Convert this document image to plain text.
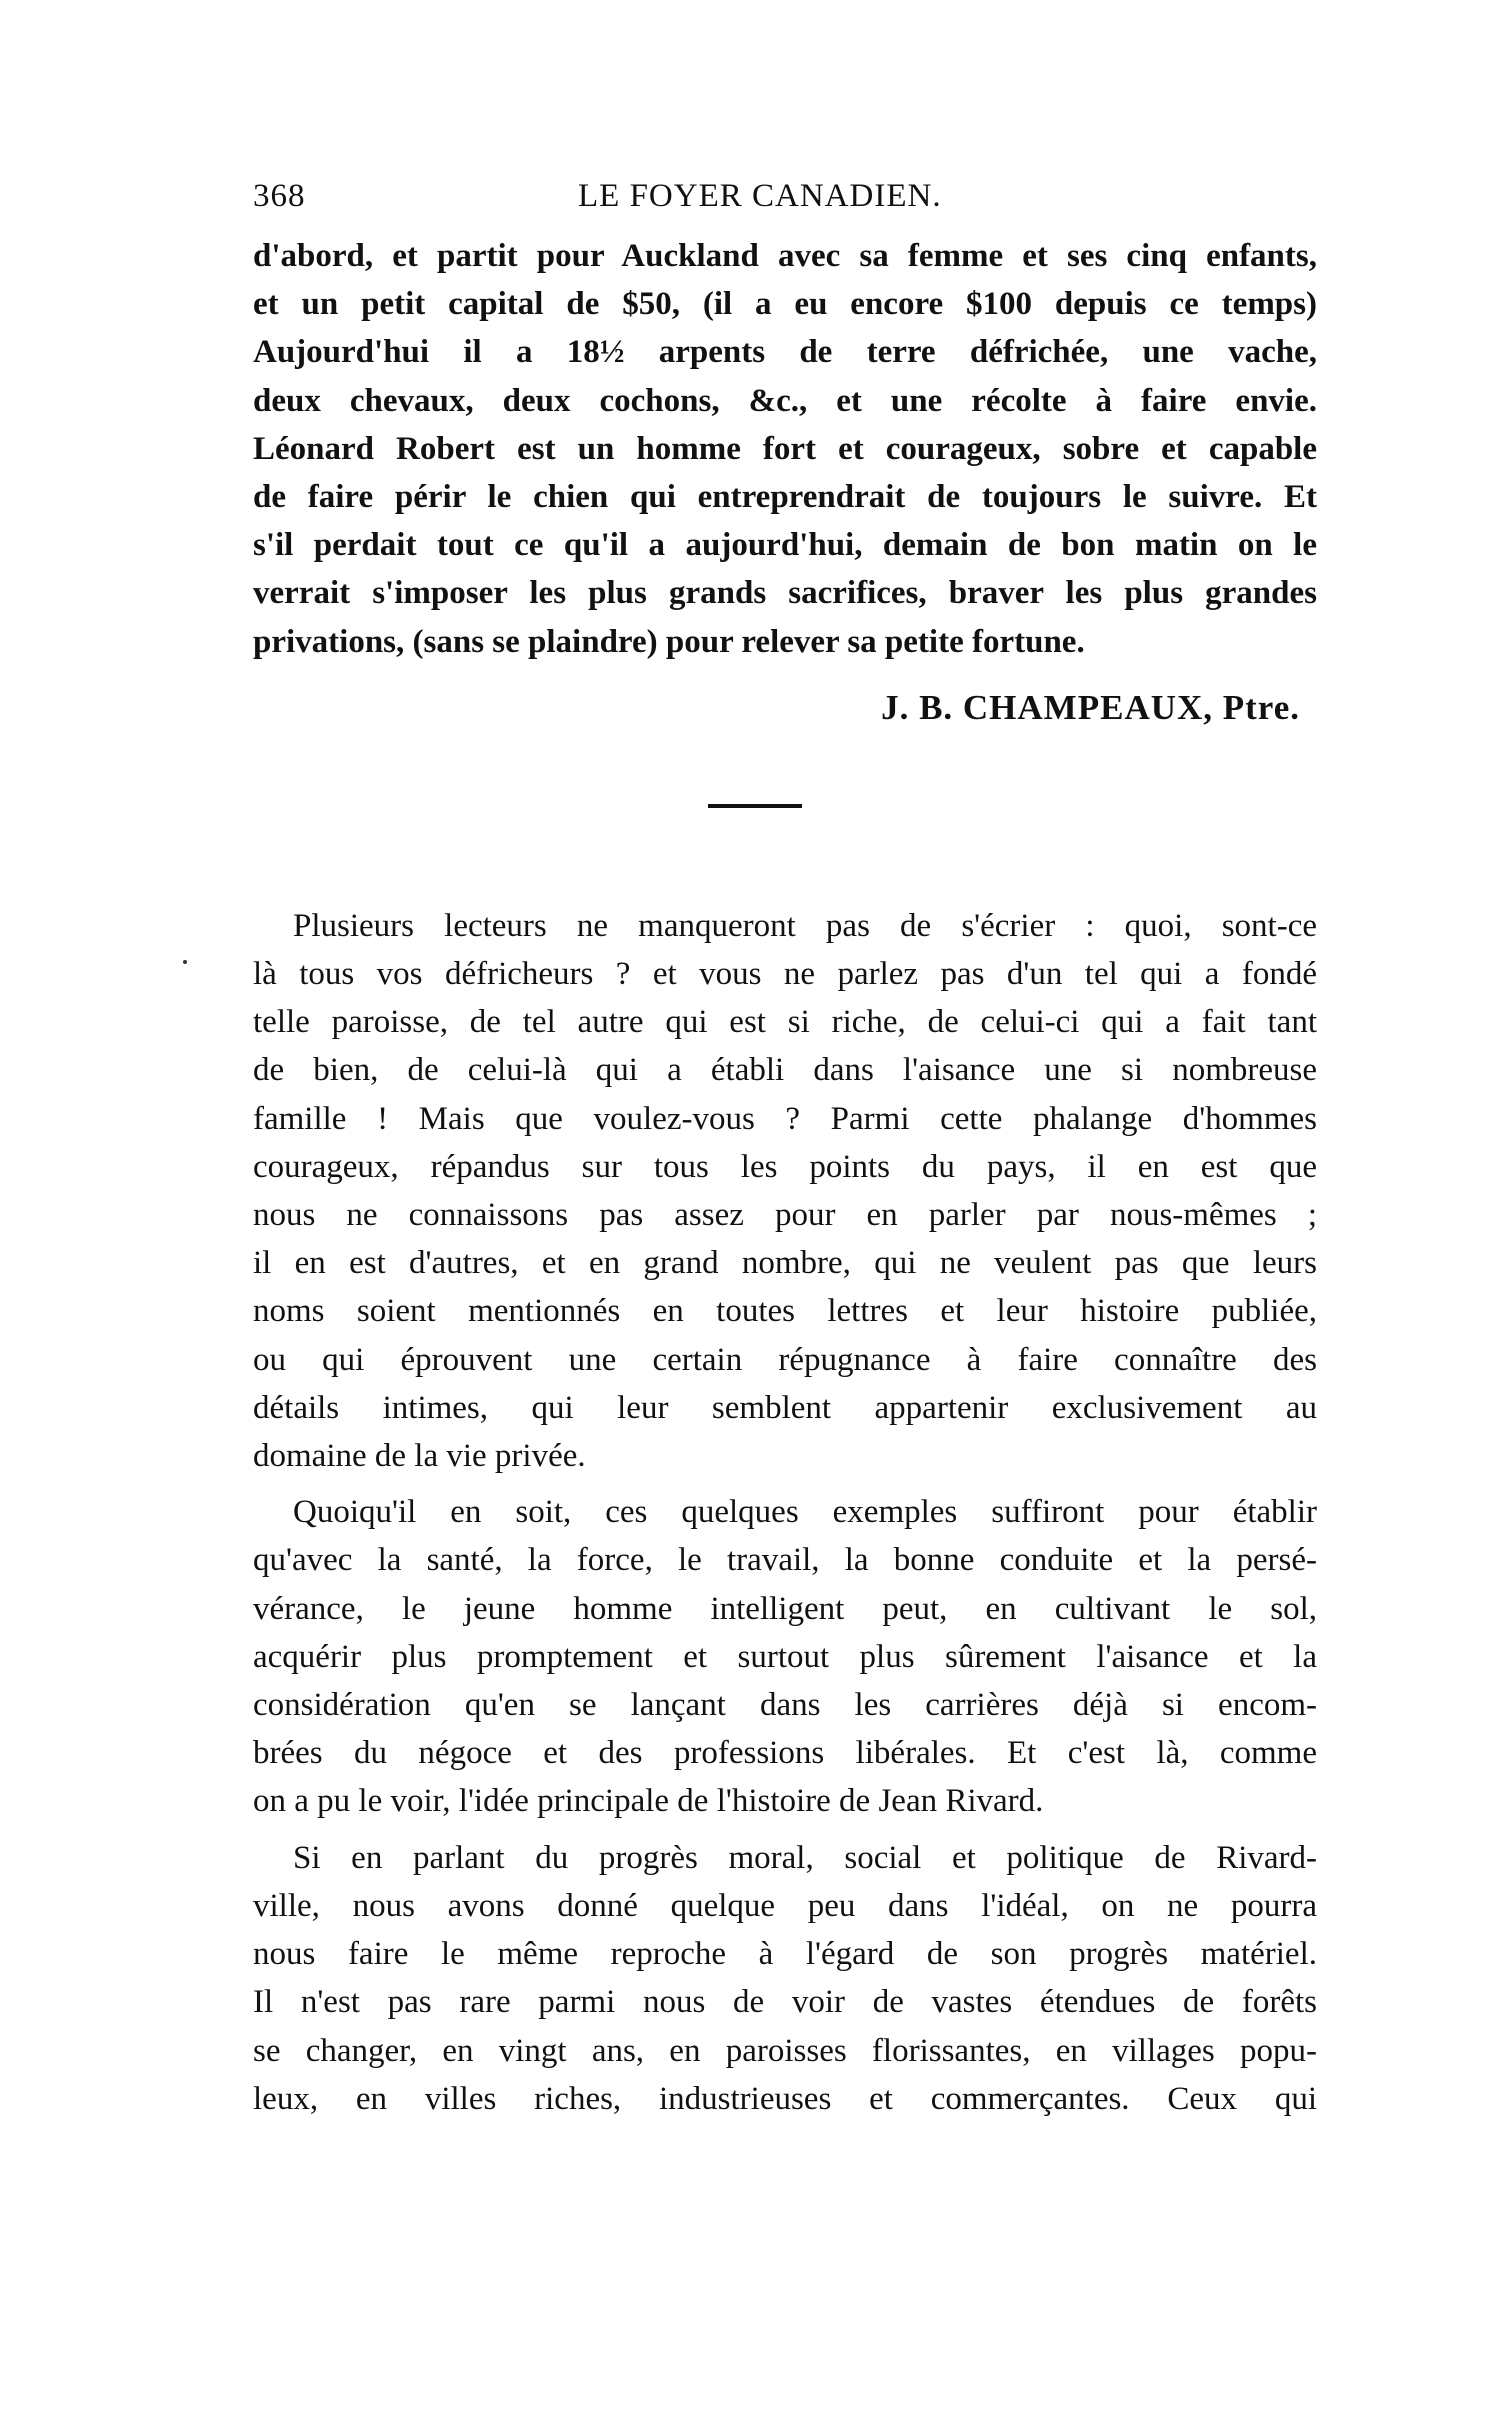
368	LE FOYER CANADIEN.
d'abord, et partit pour Auckland avec sa femme et ses cinq enfants,
et un petit capital de $50, (il a eu encore $100 depuis ce temps)
Aujourd'hui il a 18½ arpents de terre défrichée, une vache,
deux chevaux, deux cochons, &c., et une récolte à faire envie.
Léonard Robert est un homme fort et courageux, sobre et capable
de faire périr le chien qui entreprendrait de toujours le suivre. Et
s'il perdait tout ce qu'il a aujourd'hui, demain de bon matin on le
verrait s'imposer les plus grands sacrifices, braver les plus grandes
privations, (sans se plaindre) pour relever sa petite fortune.
J. B. CHAMPEAUX, Ptre.
Plusieurs lecteurs ne manqueront pas de s'écrier : quoi, sont-ce
là tous vos défricheurs ? et vous ne parlez pas d'un tel qui a fondé
telle paroisse, de tel autre qui est si riche, de celui-ci qui a fait tant
de bien, de celui-là qui a établi dans l'aisance une si nombreuse
famille ! Mais que voulez-vous ? Parmi cette phalange d'hommes
courageux, répandus sur tous les points du pays, il en est que
nous ne connaissons pas assez pour en parler par nous-mêmes ;
il en est d'autres, et en grand nombre, qui ne veulent pas que leurs
noms soient mentionnés en toutes lettres et leur histoire publiée,
ou qui éprouvent une certain répugnance à faire connaître des
détails intimes, qui leur semblent appartenir exclusivement au
domaine de la vie privée.
Quoiqu'il en soit, ces quelques exemples suffiront pour établir
qu'avec la santé, la force, le travail, la bonne conduite et la persé-
vérance, le jeune homme intelligent peut, en cultivant le sol,
acquérir plus promptement et surtout plus sûrement l'aisance et la
considération qu'en se lançant dans les carrières déjà si encom-
brées du négoce et des professions libérales. Et c'est là, comme
on a pu le voir, l'idée principale de l'histoire de Jean Rivard.
Si en parlant du progrès moral, social et politique de Rivard-
ville, nous avons donné quelque peu dans l'idéal, on ne pourra
nous faire le même reproche à l'égard de son progrès matériel.
Il n'est pas rare parmi nous de voir de vastes étendues de forêts
se changer, en vingt ans, en paroisses florissantes, en villages popu-
leux, en villes riches, industrieuses et commerçantes. Ceux qui
